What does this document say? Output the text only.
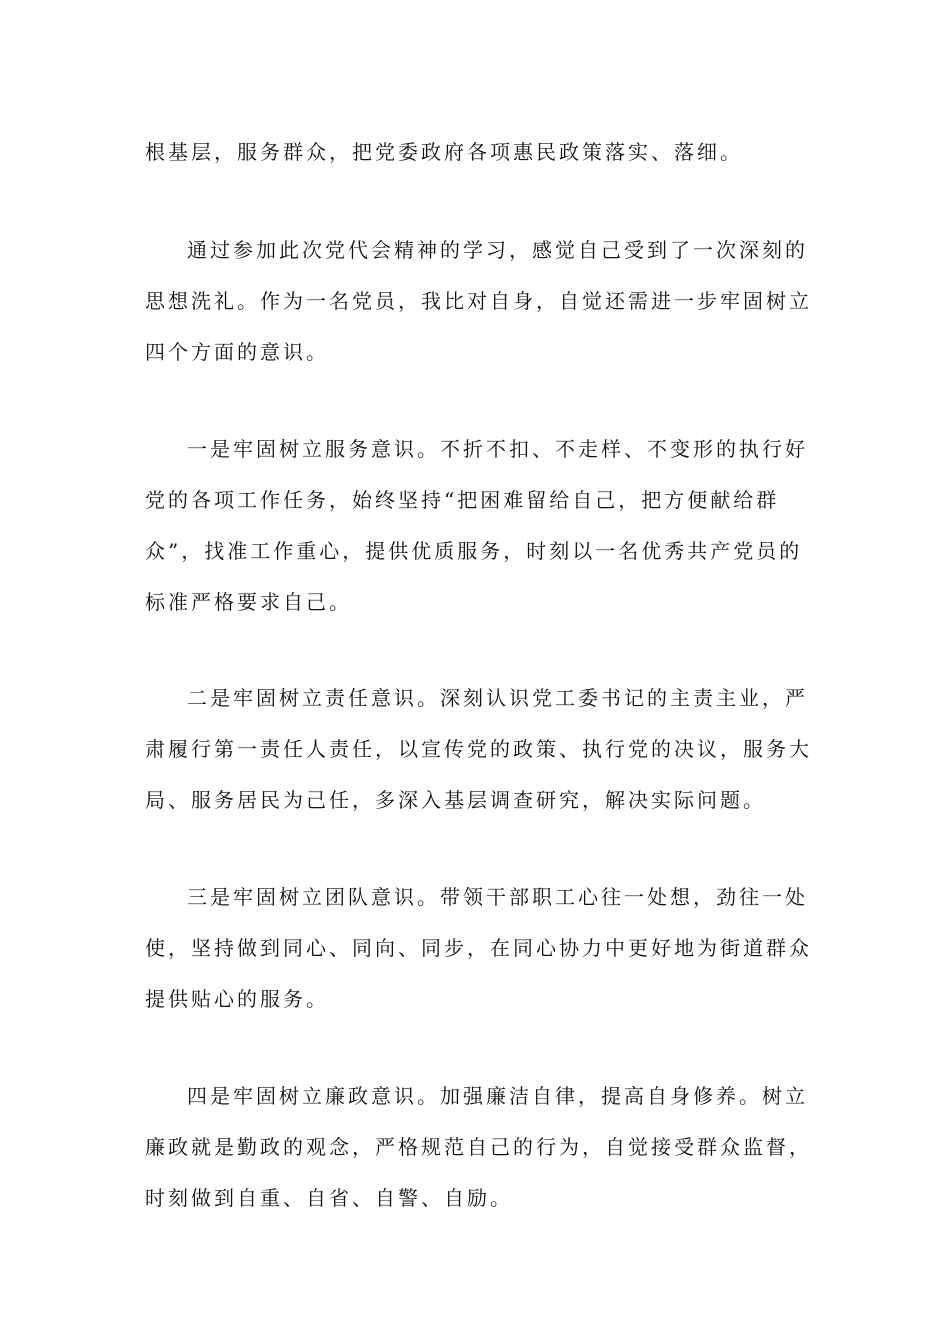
根基层，服务群众，把党委政府各项惠民政策落实、落细。
通过参加此次党代会精神的学习，感觉自己受到了一次深刻的
思想洗礼。作为一名党员，我比对自身，自觉还需进一步牢固树立
四个方面的意识。
一是牢固树立服务意识。不折不扣、不走样、不变形的执行好
党的各项工作任务，始终坚持“把困难留给自己，把方便献给群
众”，找准工作重心，提供优质服务，时刻以一名优秀共产党员的
标准严格要求自己。
二是牢固树立责任意识。深刻认识党工委书记的主责主业，严
肃履行第一责任人责任，以宣传党的政策、执行党的决议，服务大
局、服务居民为己任，多深入基层调查研究，解决实际问题。
三是牢固树立团队意识。带领干部职工心往一处想，劲往一处
使，坚持做到同心、同向、同步，在同心协力中更好地为街道群众
提供贴心的服务。
四是牢固树立廉政意识。加强廉洁自律，提高自身修养。树立
廉政就是勤政的观念，严格规范自己的行为，自觉接受群众监督，
时刻做到自重、自省、自警、自励。
